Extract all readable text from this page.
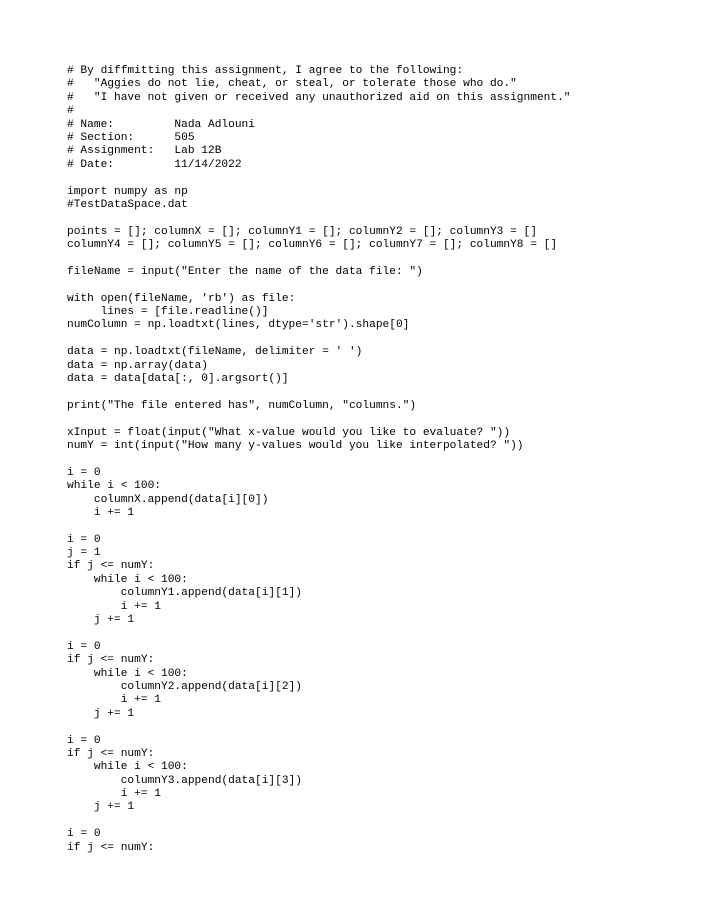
# By diffmitting this assignment, I agree to the following:
#   "Aggies do not lie, cheat, or steal, or tolerate those who do."
#   "I have not given or received any unauthorized aid on this assignment."
#
# Name:         Nada Adlouni
# Section:      505
# Assignment:   Lab 12B
# Date:         11/14/2022
import numpy as np
#TestDataSpace.dat
points = []; columnX = []; columnY1 = []; columnY2 = []; columnY3 = []
columnY4 = []; columnY5 = []; columnY6 = []; columnY7 = []; columnY8 = []
fileName = input("Enter the name of the data file: ")
with open(fileName, 'rb') as file:
lines = [file.readline()]
numColumn = np.loadtxt(lines, dtype='str').shape[0]
data = np.loadtxt(fileName, delimiter = ' ')
data = np.array(data)
data = data[data[:, 0].argsort()]
print("The file entered has", numColumn, "columns.")
xInput = float(input("What x-value would you like to evaluate? "))
numY = int(input("How many y-values would you like interpolated? "))
i = 0
while i < 100:
columnX.append(data[i][0])
i += 1
i = 0
j = 1
if j <= numY:
while i < 100:
columnY1.append(data[i][1])
i += 1
j += 1
i = 0
if j <= numY:
while i < 100:
columnY2.append(data[i][2])
i += 1
j += 1
i = 0
if j <= numY:
while i < 100:
columnY3.append(data[i][3])
i += 1
j += 1
i = 0
if j <= numY:
